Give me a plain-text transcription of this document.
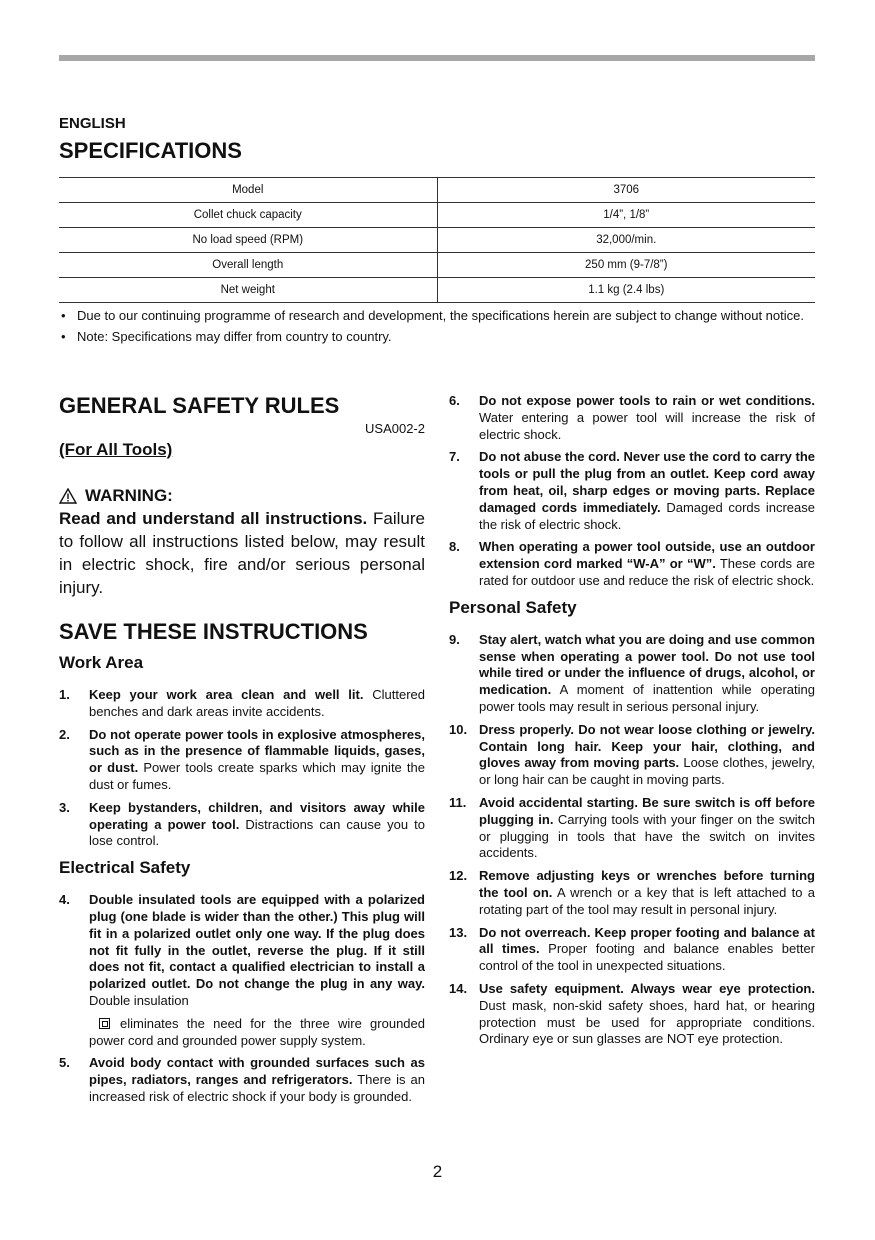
ENGLISH
SPECIFICATIONS
Model	3706
Collet chuck capacity	1/4”, 1/8”
No load speed (RPM)	32,000/min.
Overall length	250 mm (9-7/8”)
Net weight	1.1 kg (2.4 lbs)
• Due to our continuing programme of research and development, the specifications herein are subject to change without notice.
• Note: Specifications may differ from country to country.
GENERAL SAFETY RULES
USA002-2
(For All Tools)
WARNING:
Read and understand all instructions. Failure to follow all instructions listed below, may result in electric shock, fire and/or serious personal injury.
SAVE THESE INSTRUCTIONS
Work Area
1. Keep your work area clean and well lit. Cluttered benches and dark areas invite accidents.
2. Do not operate power tools in explosive atmospheres, such as in the presence of flammable liquids, gases, or dust. Power tools create sparks which may ignite the dust or fumes.
3. Keep bystanders, children, and visitors away while operating a power tool. Distractions can cause you to lose control.
Electrical Safety
4. Double insulated tools are equipped with a polarized plug (one blade is wider than the other.) This plug will fit in a polarized outlet only one way. If the plug does not fit fully in the outlet, reverse the plug. If it still does not fit, contact a qualified electrician to install a polarized outlet. Do not change the plug in any way. Double insulation
eliminates the need for the three wire grounded power cord and grounded power supply system.
5. Avoid body contact with grounded surfaces such as pipes, radiators, ranges and refrigerators. There is an increased risk of electric shock if your body is grounded.
6. Do not expose power tools to rain or wet conditions. Water entering a power tool will increase the risk of electric shock.
7. Do not abuse the cord. Never use the cord to carry the tools or pull the plug from an outlet. Keep cord away from heat, oil, sharp edges or moving parts. Replace damaged cords immediately. Damaged cords increase the risk of electric shock.
8. When operating a power tool outside, use an outdoor extension cord marked “W-A” or “W”. These cords are rated for outdoor use and reduce the risk of electric shock.
Personal Safety
9. Stay alert, watch what you are doing and use common sense when operating a power tool. Do not use tool while tired or under the influence of drugs, alcohol, or medication. A moment of inattention while operating power tools may result in serious personal injury.
10. Dress properly. Do not wear loose clothing or jewelry. Contain long hair. Keep your hair, clothing, and gloves away from moving parts. Loose clothes, jewelry, or long hair can be caught in moving parts.
11. Avoid accidental starting. Be sure switch is off before plugging in. Carrying tools with your finger on the switch or plugging in tools that have the switch on invites accidents.
12. Remove adjusting keys or wrenches before turning the tool on. A wrench or a key that is left attached to a rotating part of the tool may result in personal injury.
13. Do not overreach. Keep proper footing and balance at all times. Proper footing and balance enables better control of the tool in unexpected situations.
14. Use safety equipment. Always wear eye protection. Dust mask, non-skid safety shoes, hard hat, or hearing protection must be used for appropriate conditions. Ordinary eye or sun glasses are NOT eye protection.
2
